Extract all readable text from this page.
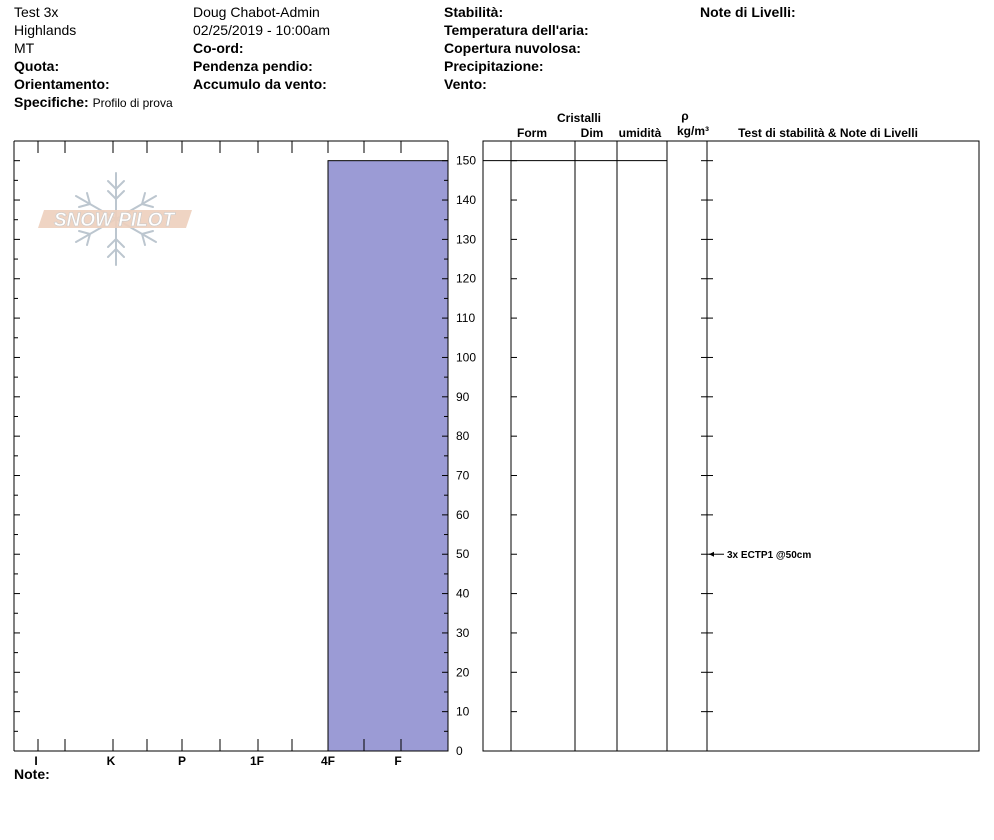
Test 3x
Highlands
MT
Quota:
Orientamento:
Specifiche: Profilo di prova
Doug Chabot-Admin
02/25/2019 - 10:00am
Co-ord:
Pendenza pendio:
Accumulo da vento:
Stabilità:
Temperatura dell'aria:
Copertura nuvolosa:
Precipitazione:
Vento:
Note di Livelli:
Note:
SNOW PILOT
I	K	P	1F	4F	F
0
10
20
30
40
50
60
70
80
90
100
110
120
130
140
150
Cristalli
Form	Dim umidità
ρ
kg/m³ Test di stabilità & Note di Livelli
3x ECTP1 @50cm
